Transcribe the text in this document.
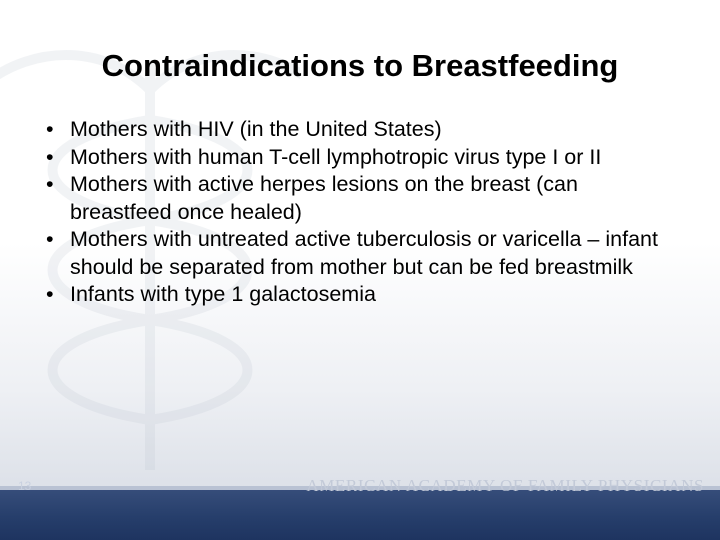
Contraindications to Breastfeeding
• Mothers with HIV (in the United States)
• Mothers with human T-cell lymphotropic virus type I or II
• Mothers with active herpes lesions on the breast (can breastfeed once healed)
• Mothers with untreated active tuberculosis or varicella – infant should be separated from mother but can be fed breastmilk
• Infants with type 1 galactosemia
13	AMERICAN ACADEMY OF FAMILY PHYSICIANS
